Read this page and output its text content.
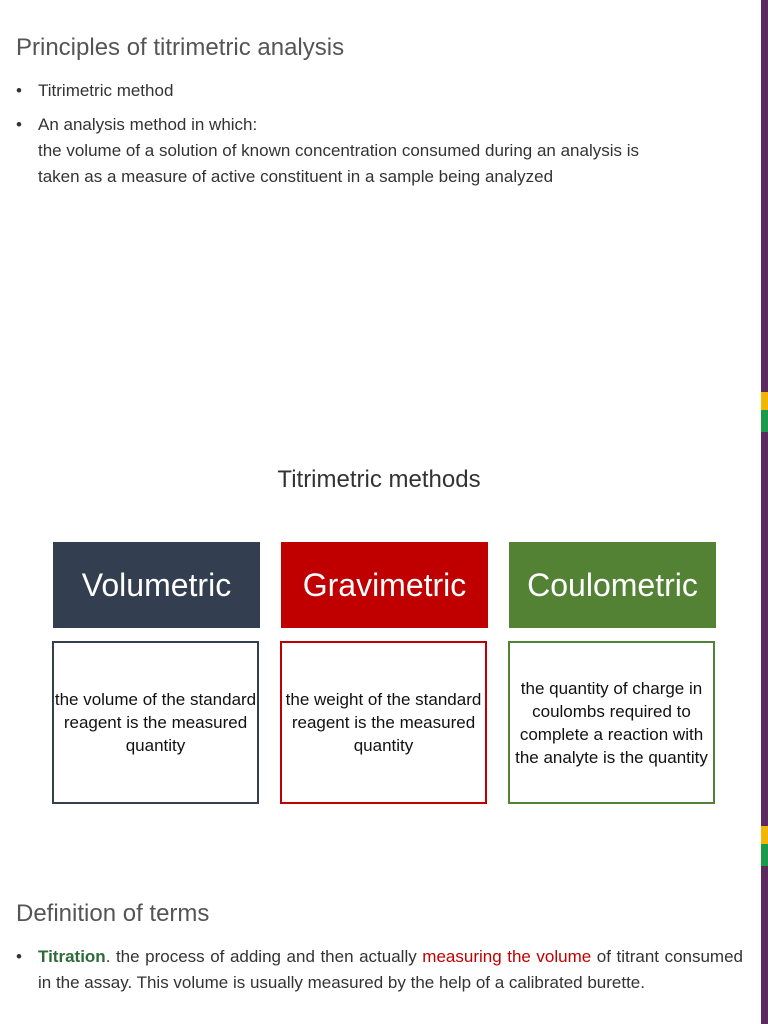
Principles of titrimetric analysis
• Titrimetric method
• An analysis method in which:
the volume of a solution of known concentration consumed during an analysis is
taken as a measure of active constituent in a sample being analyzed
Titrimetric methods
Volumetric	Gravimetric	Coulometric
the volume of the standard reagent is the measured quantity
the weight of the standard reagent is the measured quantity
the quantity of charge in coulombs required to complete a reaction with the analyte is the quantity
Definition of terms
• Titration. the process of adding and then actually measuring the volume of titrant consumed in the assay. This volume is usually measured by the help of a calibrated burette.
